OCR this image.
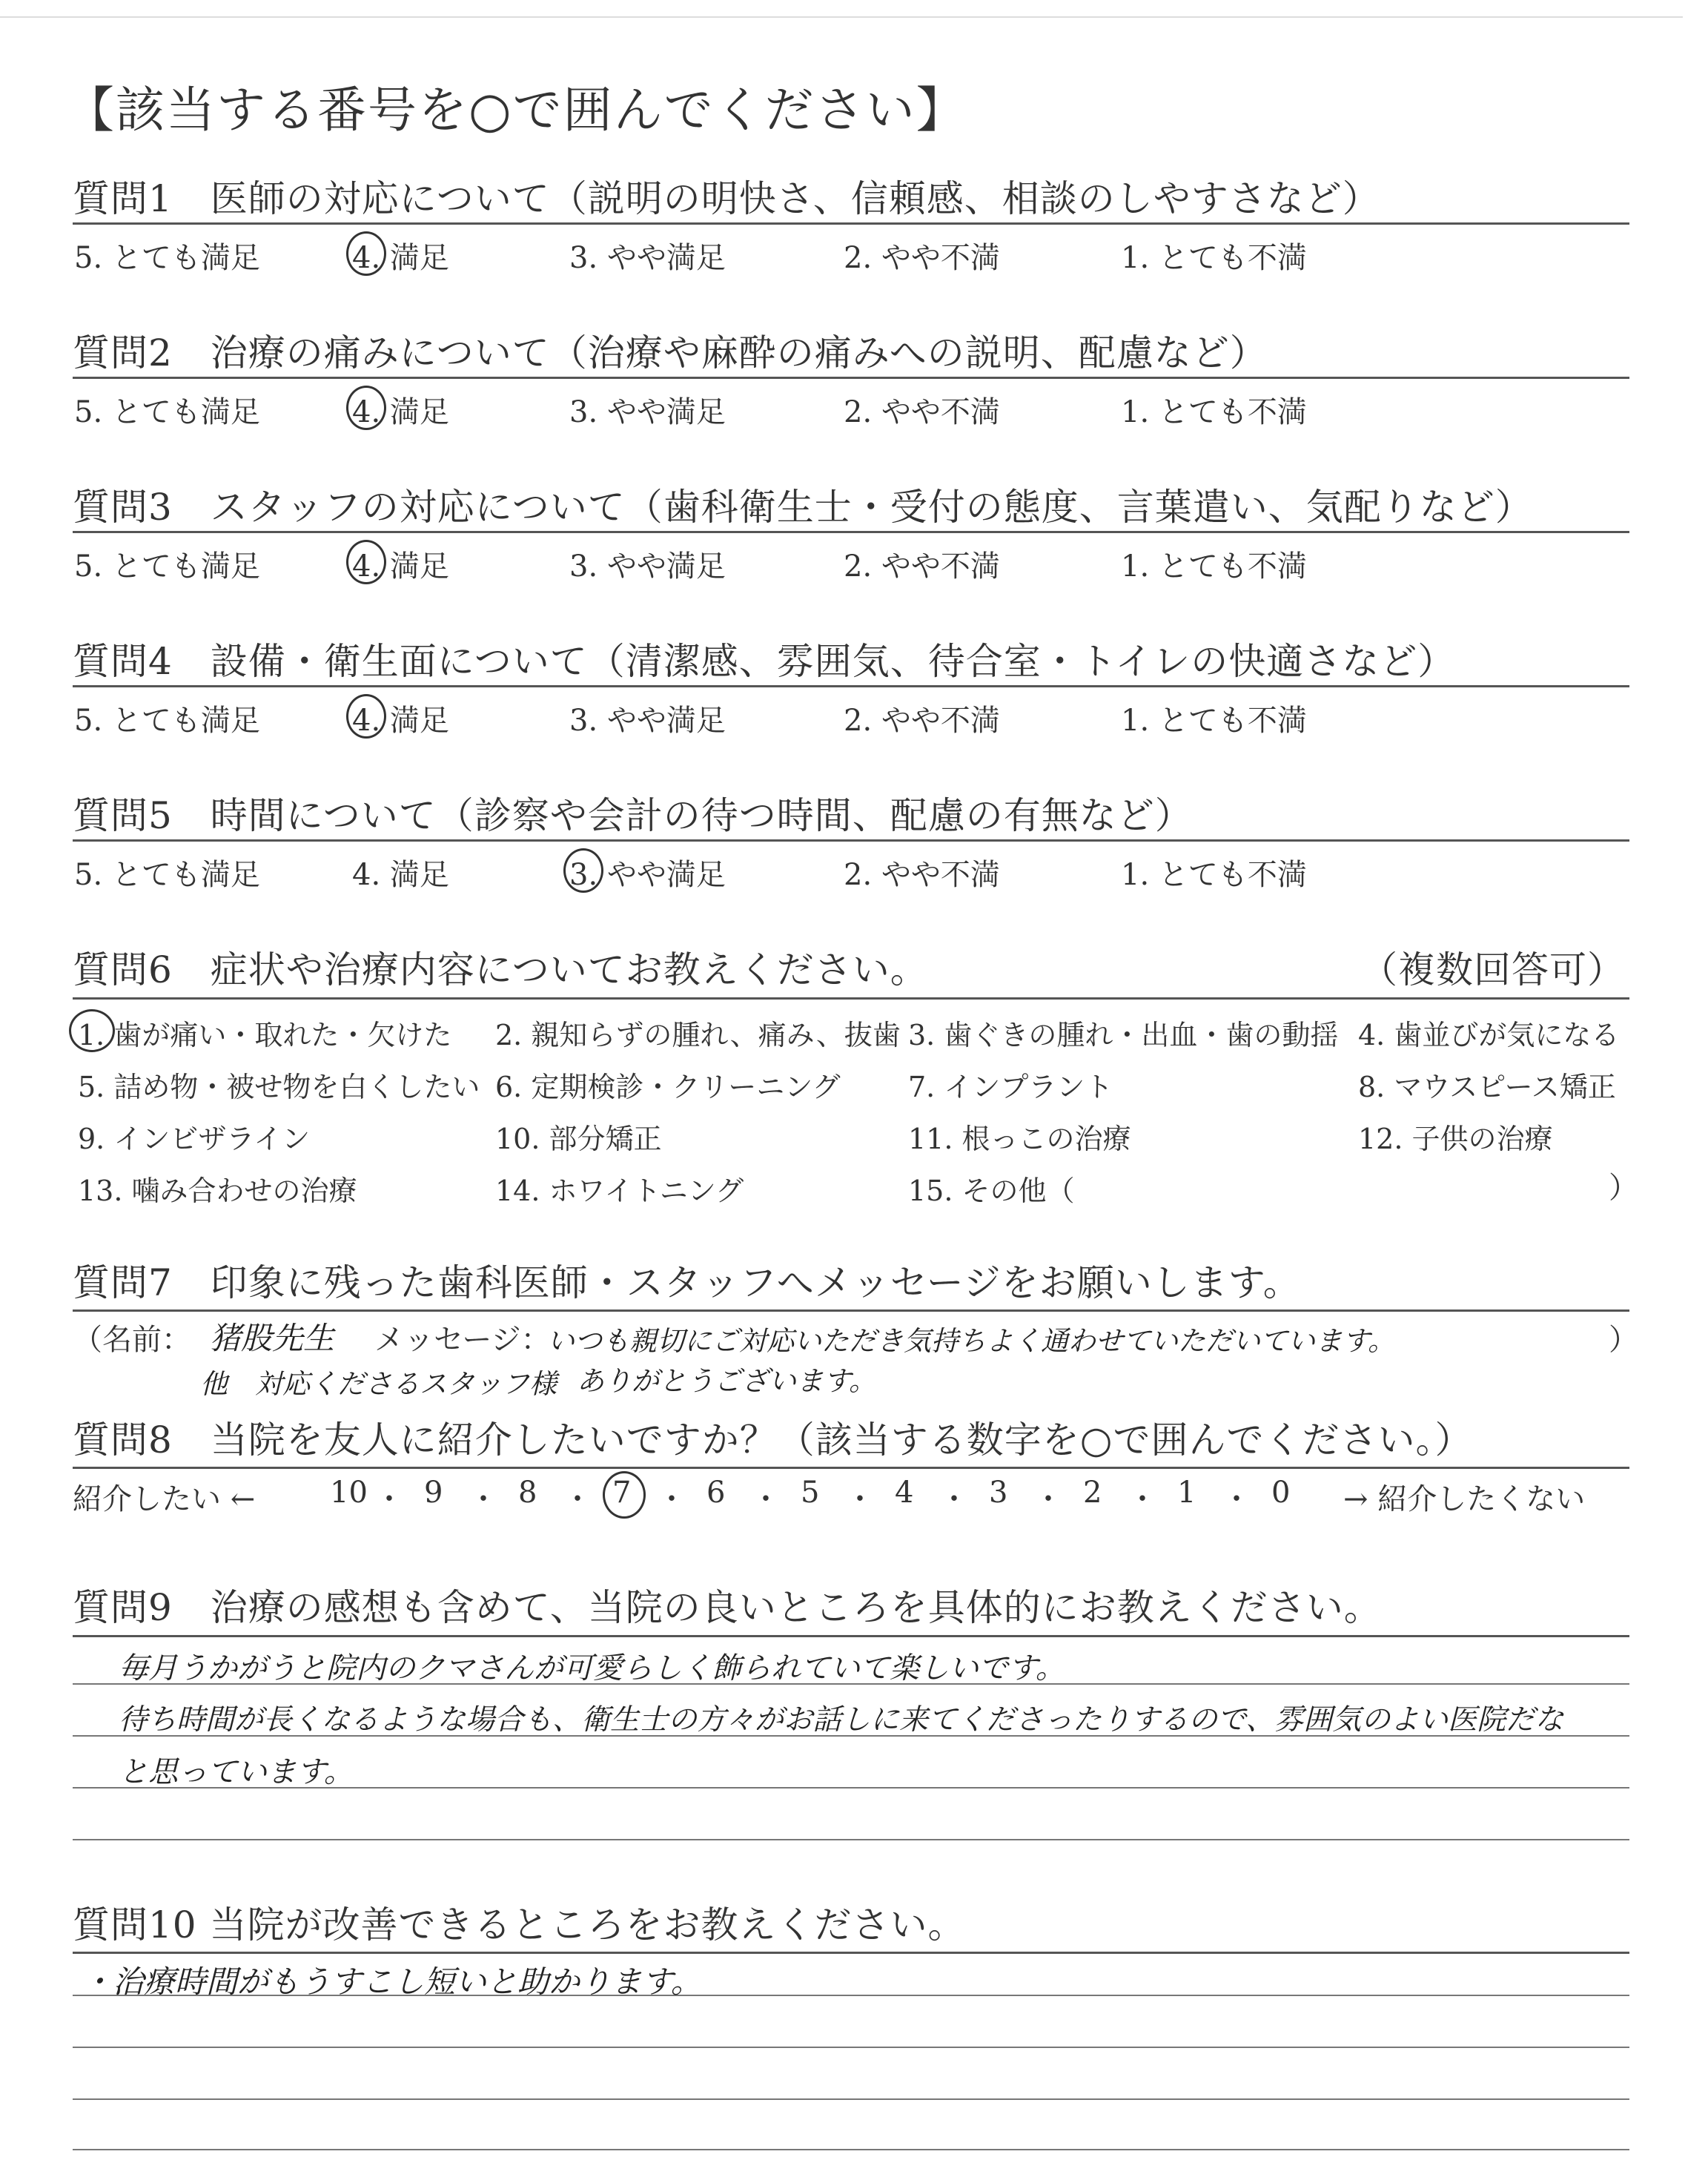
【該当する番号を○で囲んでください】
質問1　医師の対応について（説明の明快さ、信頼感、相談のしやすさなど）
5. とても満足	4. 満足	3. やや満足	2. やや不満	1. とても不満
質問2　治療の痛みについて（治療や麻酔の痛みへの説明、配慮など）
5. とても満足	4. 満足	3. やや満足	2. やや不満	1. とても不満
質問3　スタッフの対応について（歯科衛生士・受付の態度、言葉遣い、気配りなど）
5. とても満足	4. 満足	3. やや満足	2. やや不満	1. とても不満
質問4　設備・衛生面について（清潔感、雰囲気、待合室・トイレの快適さなど）
5. とても満足	4. 満足	3. やや満足	2. やや不満	1. とても不満
質問5　時間について（診察や会計の待つ時間、配慮の有無など）
5. とても満足	4. 満足	3. やや満足	2. やや不満	1. とても不満
質問6　症状や治療内容についてお教えください。	（複数回答可）
1. 歯が痛い・取れた・欠けた 2. 親知らずの腫れ、痛み、抜歯 3. 歯ぐきの腫れ・出血・歯の動揺 4. 歯並びが気になる
5. 詰め物・被せ物を白くしたい 6. 定期検診・クリーニング 7. インプラント	8. マウスピース矯正
9. インビザライン	10. 部分矯正	11. 根っこの治療	12. 子供の治療
13. 噛み合わせの治療	14. ホワイトニング	15. その他（	）
質問7　印象に残った歯科医師・スタッフへメッセージをお願いします。
（名前： 猪股先生 メッセージ：
いつも親切にご対応いただき気持ちよく通わせていただいています。	）
他　対応くださるスタッフ様 ありがとうございます。
質問8　当院を友人に紹介したいですか？（該当する数字を○で囲んでください。）
紹介したい ←	10 ・ 9 ・ 8 ・ 7 ・ 6 ・ 5 ・ 4 ・ 3 ・ 2 ・ 1 ・ 0 → 紹介したくない
質問9　治療の感想も含めて、当院の良いところを具体的にお教えください。
毎月うかがうと院内のクマさんが可愛らしく飾られていて楽しいです。
待ち時間が長くなるような場合も、衛生士の方々がお話しに来てくださったりするので、雰囲気のよい医院だな
と思っています。
質問10 当院が改善できるところをお教えください。
・治療時間がもうすこし短いと助かります。
